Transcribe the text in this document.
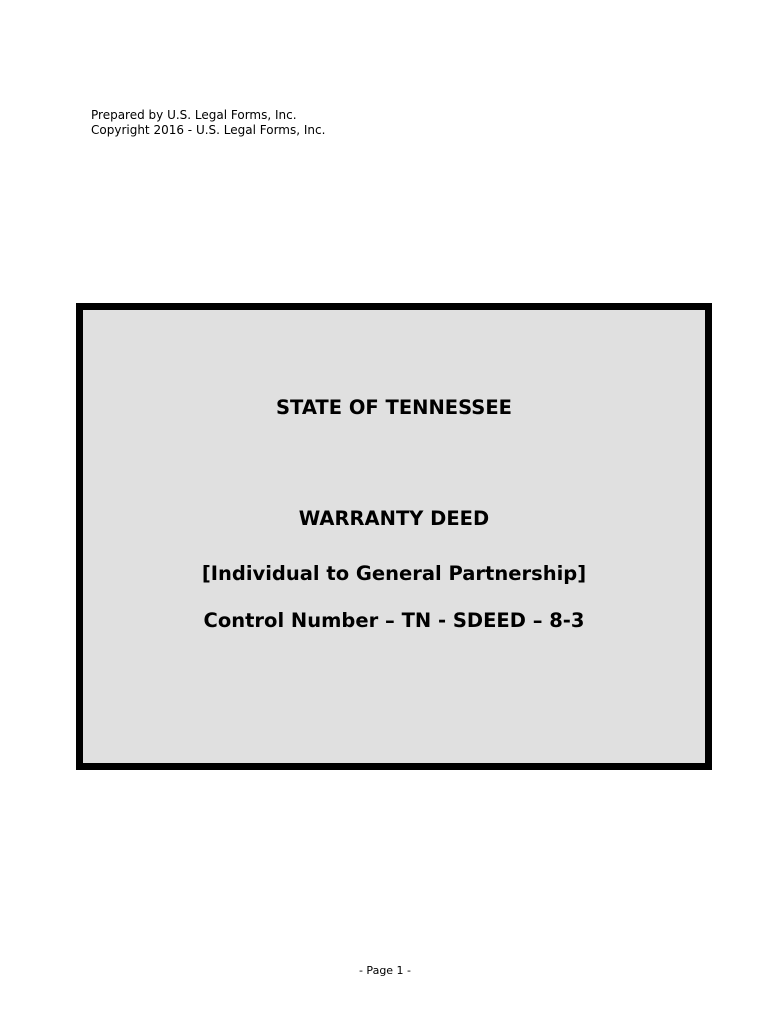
Prepared by U.S. Legal Forms, Inc.
Copyright 2016 - U.S. Legal Forms, Inc.
STATE OF TENNESSEE
WARRANTY DEED
[Individual to General Partnership]
Control Number – TN - SDEED – 8-3
- Page 1 -
